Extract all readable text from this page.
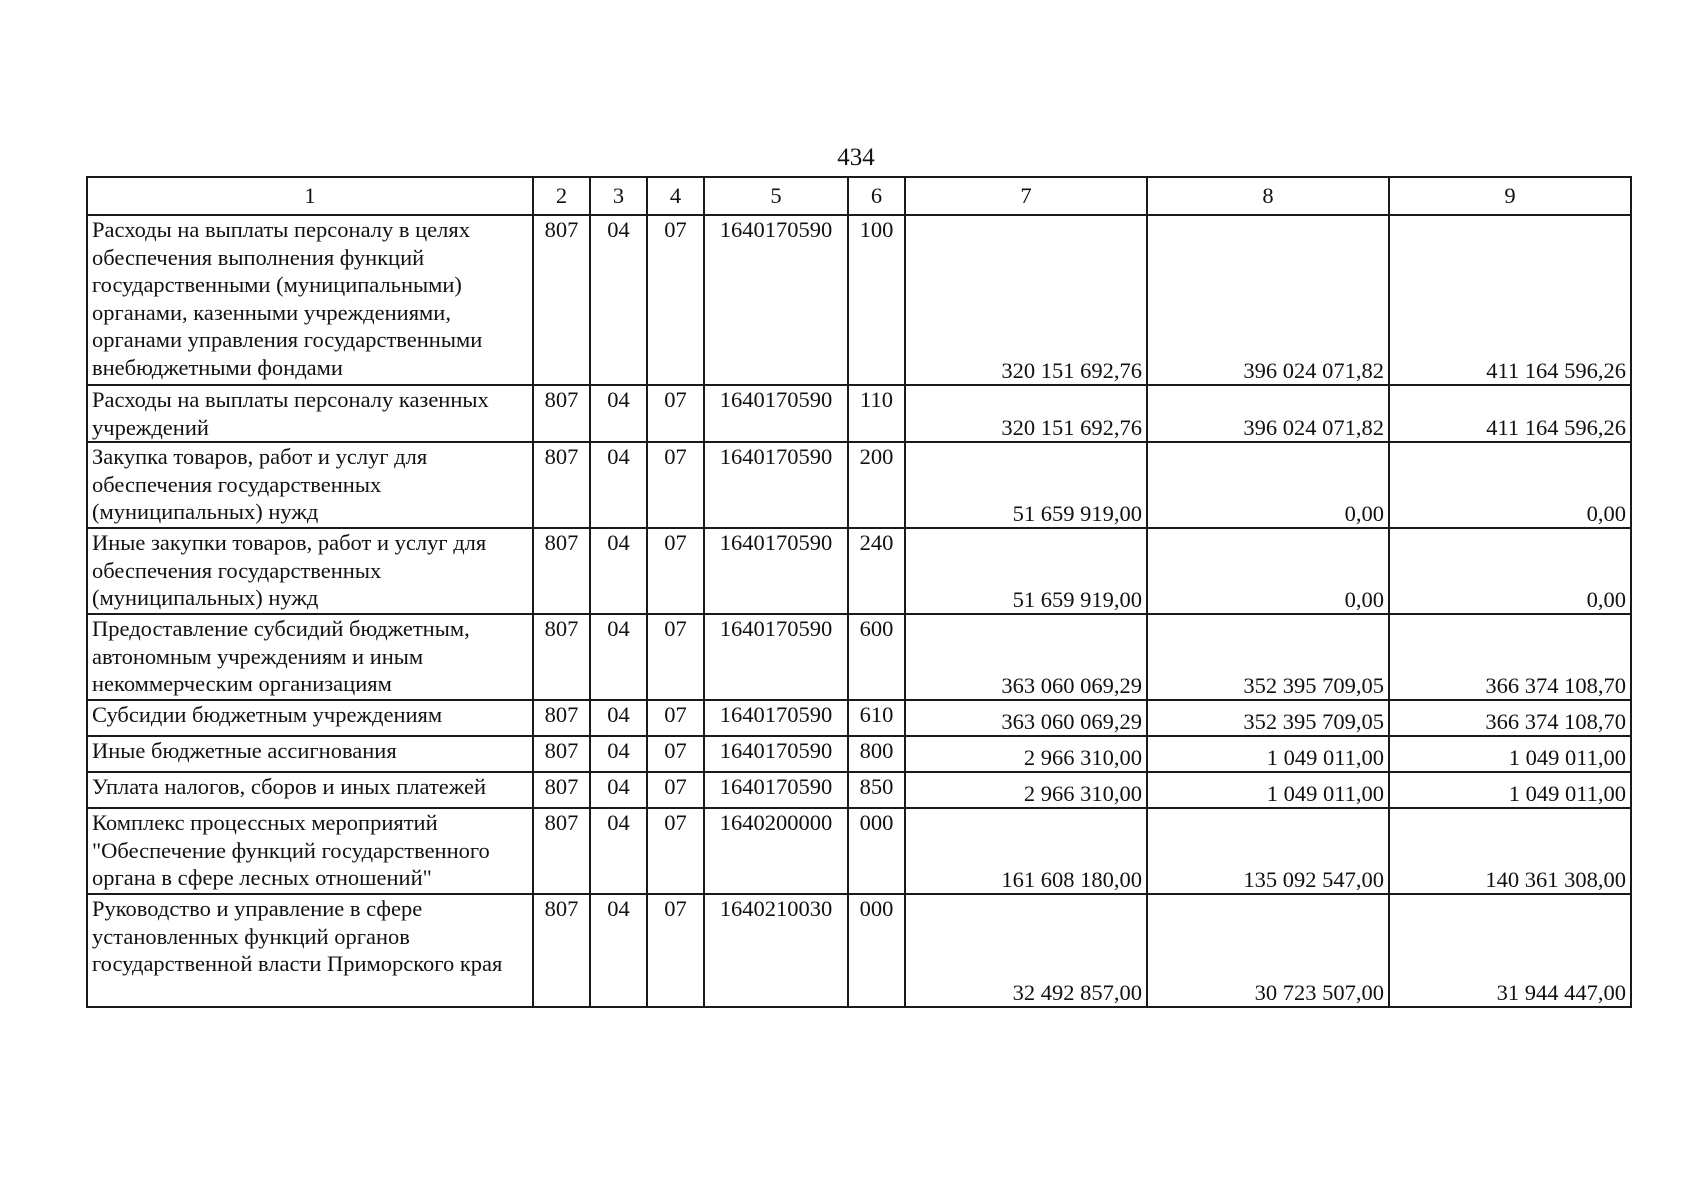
434
1	2	3	4	5	6	7	8	9
Расходы на выплаты персоналу в целях обеспечения выполнения функций государственными (муниципальными) органами, казенными учреждениями, органами управления государственными внебюджетными фондами	807	04	07	1640170590	100	320 151 692,76	396 024 071,82	411 164 596,26
Расходы на выплаты персоналу казенных учреждений	807	04	07	1640170590	110	320 151 692,76	396 024 071,82	411 164 596,26
Закупка товаров, работ и услуг для обеспечения государственных (муниципальных) нужд	807	04	07	1640170590	200	51 659 919,00	0,00	0,00
Иные закупки товаров, работ и услуг для обеспечения государственных (муниципальных) нужд	807	04	07	1640170590	240	51 659 919,00	0,00	0,00
Предоставление субсидий бюджетным, автономным учреждениям и иным некоммерческим организациям	807	04	07	1640170590	600	363 060 069,29	352 395 709,05	366 374 108,70
Субсидии бюджетным учреждениям	807	04	07	1640170590	610	363 060 069,29	352 395 709,05	366 374 108,70
Иные бюджетные ассигнования	807	04	07	1640170590	800	2 966 310,00	1 049 011,00	1 049 011,00
Уплата налогов, сборов и иных платежей	807	04	07	1640170590	850	2 966 310,00	1 049 011,00	1 049 011,00
Комплекс процессных мероприятий "Обеспечение функций государственного органа в сфере лесных отношений"	807	04	07	1640200000	000	161 608 180,00	135 092 547,00	140 361 308,00
Руководство и управление в сфере установленных функций органов государственной власти Приморского края	807	04	07	1640210030	000	32 492 857,00	30 723 507,00	31 944 447,00
